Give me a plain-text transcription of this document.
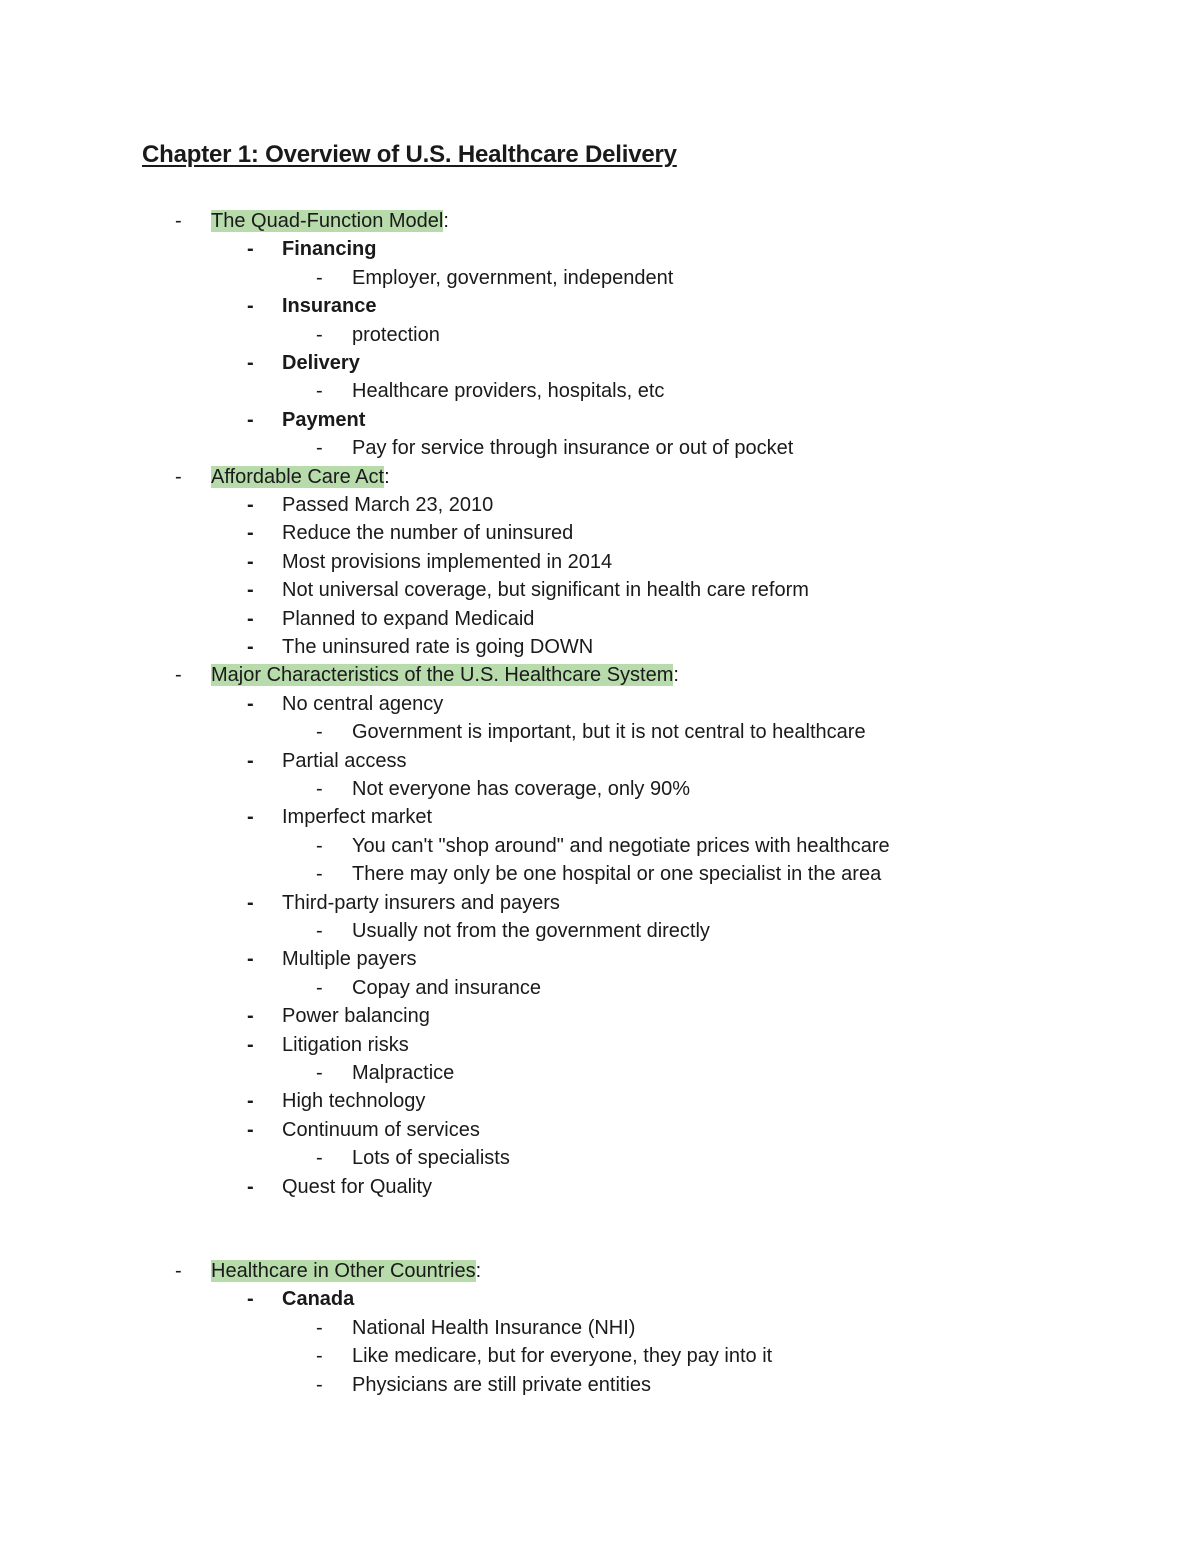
Chapter 1: Overview of U.S. Healthcare Delivery
- The Quad-Function Model:
- Financing
- Employer, government, independent
- Insurance
- protection
- Delivery
- Healthcare providers, hospitals, etc
- Payment
- Pay for service through insurance or out of pocket
- Affordable Care Act:
- Passed March 23, 2010
- Reduce the number of uninsured
- Most provisions implemented in 2014
- Not universal coverage, but significant in health care reform
- Planned to expand Medicaid
- The uninsured rate is going DOWN
- Major Characteristics of the U.S. Healthcare System:
- No central agency
- Government is important, but it is not central to healthcare
- Partial access
- Not everyone has coverage, only 90%
- Imperfect market
- You can't "shop around" and negotiate prices with healthcare
- There may only be one hospital or one specialist in the area
- Third-party insurers and payers
- Usually not from the government directly
- Multiple payers
- Copay and insurance
- Power balancing
- Litigation risks
- Malpractice
- High technology
- Continuum of services
- Lots of specialists
- Quest for Quality
- Healthcare in Other Countries:
- Canada
- National Health Insurance (NHI)
- Like medicare, but for everyone, they pay into it
- Physicians are still private entities
